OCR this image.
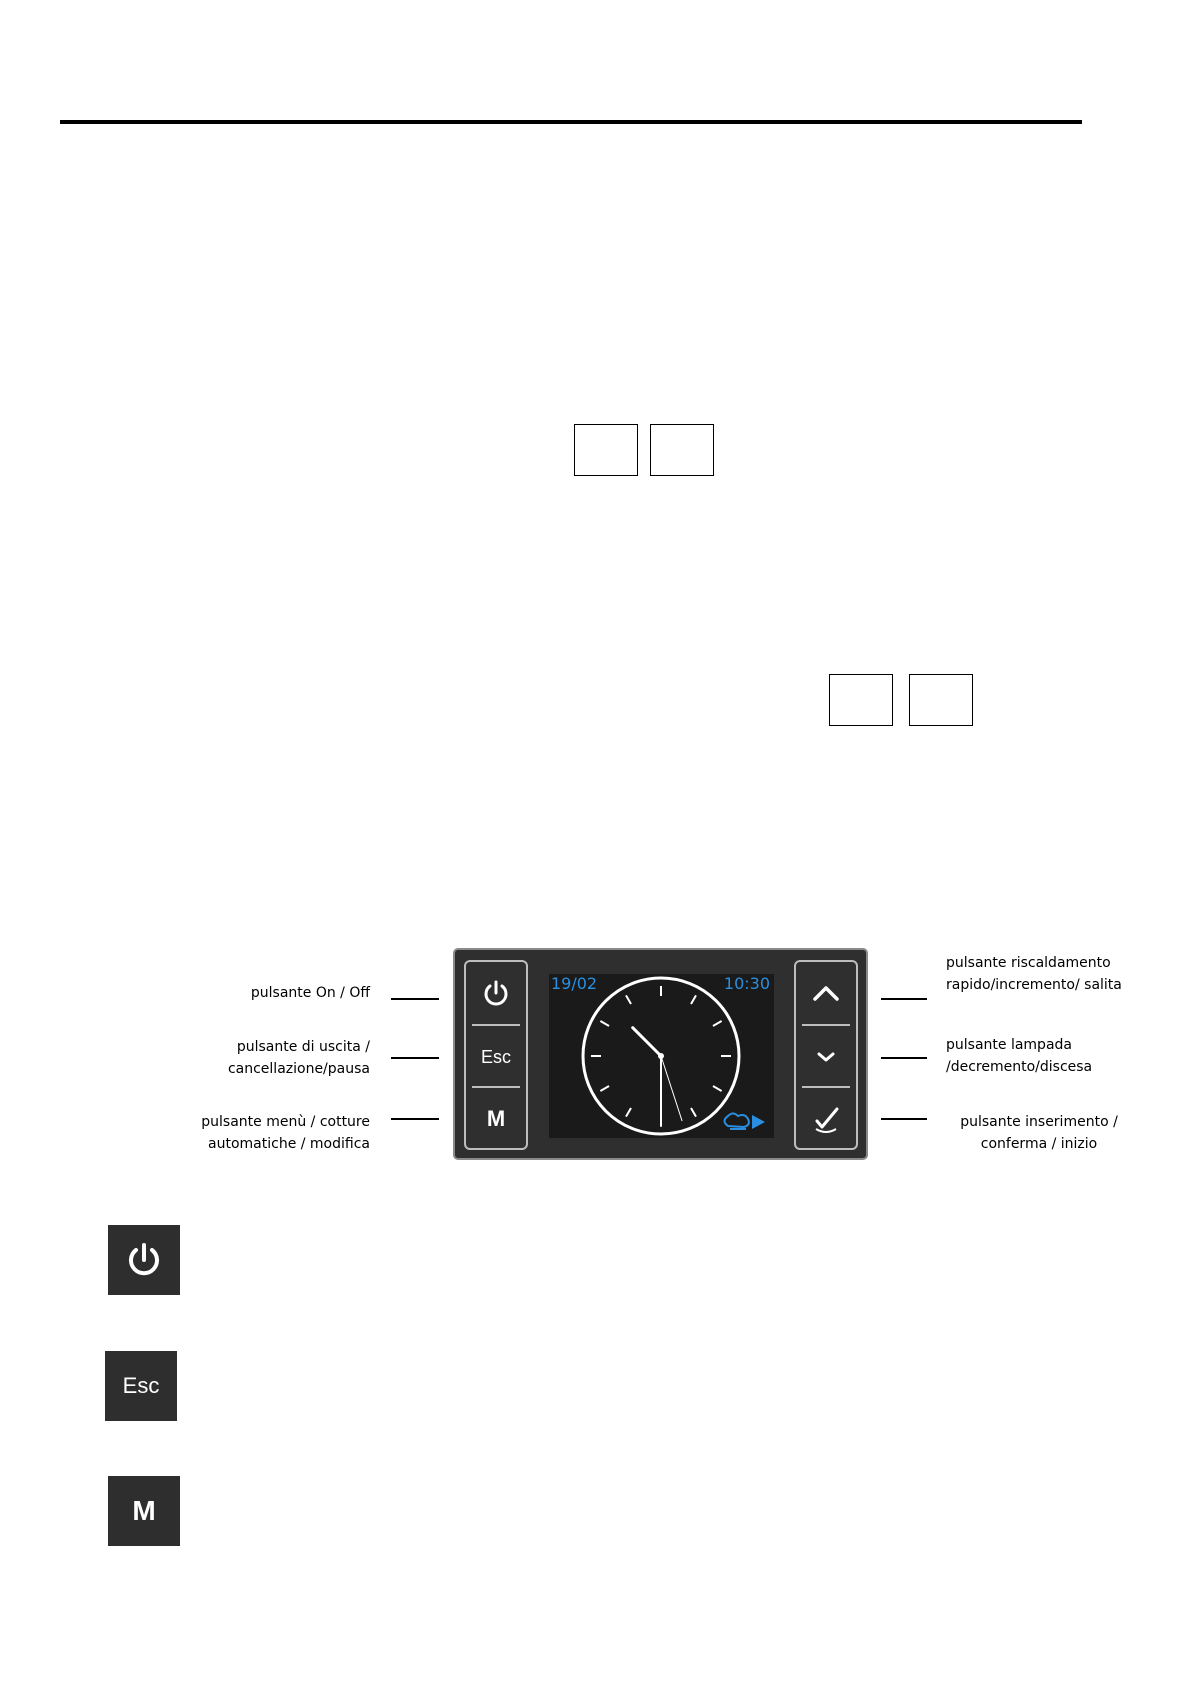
pulsante On / Off
pulsante di uscita /
cancellazione/pausa
pulsante menù / cotture
automatiche / modifica
pulsante riscaldamento
rapido/incremento/ salita
pulsante lampada
/decremento/discesa
pulsante inserimento /
conferma / inizio
Esc
M
19/02	10:30
Esc
M
